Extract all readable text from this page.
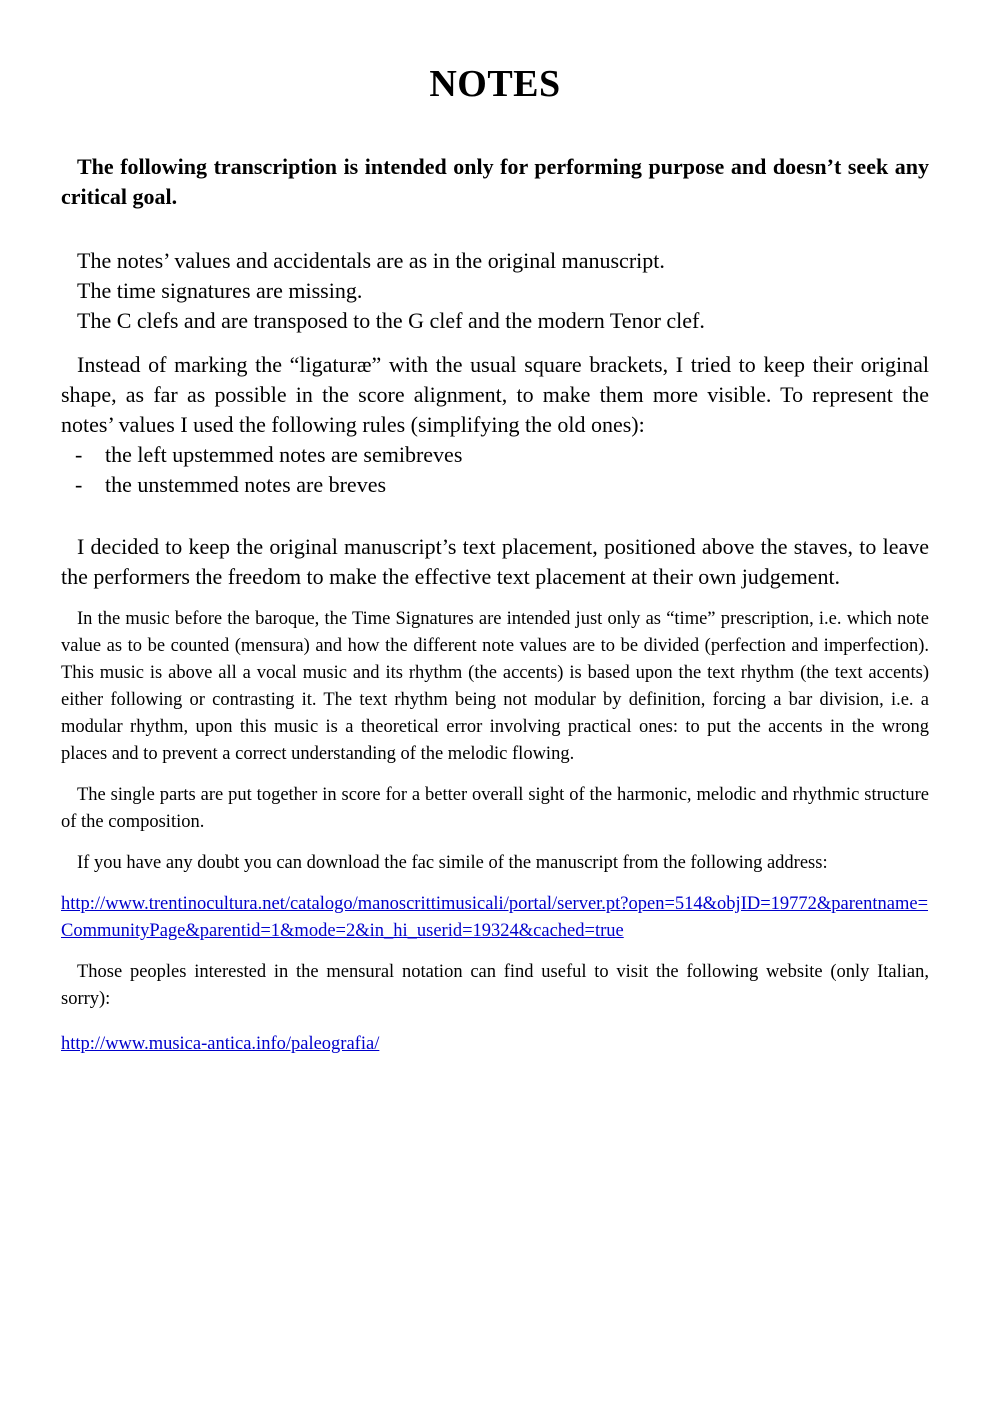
NOTES

The following transcription is intended only for performing purpose and doesn’t seek any critical goal.

The notes’ values and accidentals are as in the original manuscript.
The time signatures are missing.
The C clefs and are transposed to the G clef and the modern Tenor clef.

Instead of marking the “ligaturæ” with the usual square brackets, I tried to keep their original shape, as far as possible in the score alignment, to make them more visible. To represent the notes’ values I used the following rules (simplifying the old ones):

- the left upstemmed notes are semibreves
- the unstemmed notes are breves

I decided to keep the original manuscript’s text placement, positioned above the staves, to leave the performers the freedom to make the effective text placement at their own judgement.

In the music before the baroque, the Time Signatures are intended just only as “time” prescription, i.e. which note value as to be counted (mensura) and how the different note values are to be divided (perfection and imperfection). This music is above all a vocal music and its rhythm (the accents) is based upon the text rhythm (the text accents) either following or contrasting it. The text rhythm being not modular by definition, forcing a bar division, i.e. a modular rhythm, upon this music is a theoretical error involving practical ones: to put the accents in the wrong places and to prevent a correct understanding of the melodic flowing.

The single parts are put together in score for a better overall sight of the harmonic, melodic and rhythmic structure of the composition.

If you have any doubt you can download the fac simile of the manuscript from the following address:

http://www.trentinocultura.net/catalogo/manoscrittimusicali/portal/server.pt?open=514&objID=19772&parentname=CommunityPage&parentid=1&mode=2&in_hi_userid=19324&cached=true

Those peoples interested in the mensural notation can find useful to visit the following website (only Italian, sorry):

http://www.musica-antica.info/paleografia/
